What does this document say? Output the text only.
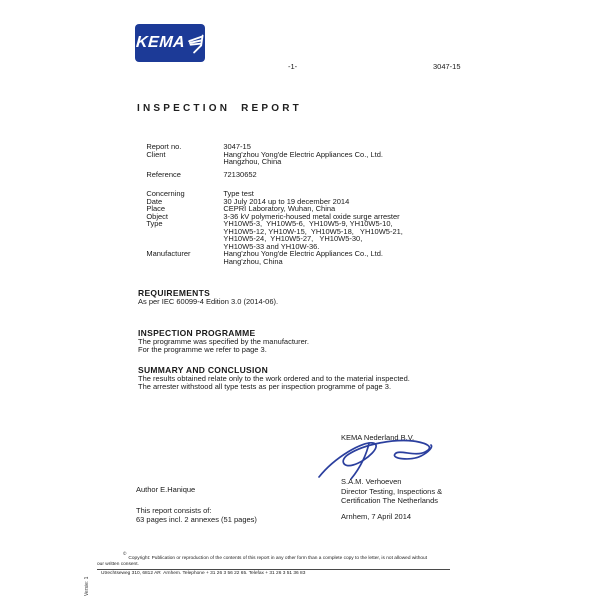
KEMA
-1-	3047-15
INSPECTION REPORT

Report no.	3047-15

Client	Hang'zhou Yong'de Electric Appliances Co., Ltd.

Hangzhou, China

Reference	72130652

Concerning	Type test

Date	30 July 2014 up to 19 december 2014

Place	CEPRI Laboratory, Wuhan, China

Object	3-36 kV polymeric-housed metal oxide surge arrester

Type	YH10W5-3,  YH10W5-6,  YH10W5-9, YH10W5-10,

YH10W5-12, YH10W-15,  YH10W5-18,   YH10W5-21,

YH10W5-24,  YH10W5-27,   YH10W5-30,

YH10W5-33 and YH10W-36.

Manufacturer	Hang'zhou Yong'de Electric Appliances Co., Ltd.

Hang'zhou, China

REQUIREMENTS
As per IEC 60099-4 Edition 3.0 (2014-06).
INSPECTION PROGRAMME
The programme was specified by the manufacturer.
For the programme we refer to page 3.
SUMMARY AND CONCLUSION
The results obtained relate only to the work ordered and to the material inspected.
The arrester withstood all type tests as per inspection programme of page 3.
KEMA Nederland B.V.
S.A.M. Verhoeven
Director Testing, Inspections &
Certification The Netherlands
Arnhem, 7 April 2014
Author E.Hanique
This report consists of:
63 pages incl. 2 annexes (51 pages)
©Copyright: Publication or reproduction of the contents of this report in any other form than a complete copy to the letter, is not allowed without
our written consent.
Utrechtseweg 310, 6812 AR  Arnhem. Telephone + 31 26 3 56 22 65. Telefax + 31 26 3 51 36 83
Versie: 1
